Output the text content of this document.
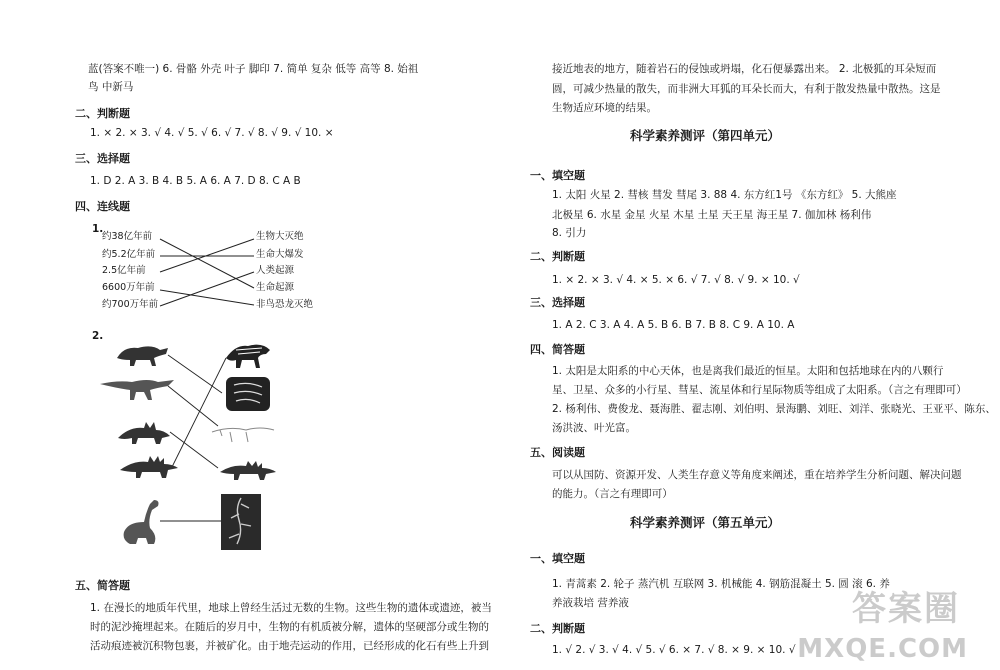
蓝(答案不唯一) 6. 骨骼 外壳 叶子 脚印 7. 简单 复杂 低等 高等 8. 始祖
鸟 中新马
二、判断题
1. × 2. × 3. √ 4. √ 5. √ 6. √ 7. √ 8. √ 9. √ 10. ×
三、选择题
1. D 2. A 3. B 4. B 5. A 6. A 7. D 8. C A B
四、连线题
1.
约38亿年前
约5.2亿年前
2.5亿年前
6600万年前
约700万年前
生物大灭绝
生命大爆发
人类起源
生命起源
非鸟恐龙灭绝
2.
五、简答题
1. 在漫长的地质年代里，地球上曾经生活过无数的生物。这些生物的遗体或遗迹，被当
时的泥沙掩埋起来。在随后的岁月中，生物的有机质被分解，遗体的坚硬部分或生物的
活动痕迹被沉积物包裹，并被矿化。由于地壳运动的作用，已经形成的化石有些上升到
接近地表的地方，随着岩石的侵蚀或坍塌，化石便暴露出来。 2. 北极狐的耳朵短而
圆，可减少热量的散失，而非洲大耳狐的耳朵长而大，有利于散发热量中散热。这是
生物适应环境的结果。
科学素养测评（第四单元）
一、填空题
1. 太阳 火星 2. 彗核 彗发 彗尾 3. 88 4. 东方红1号 《东方红》 5. 大熊座
北极星 6. 水星 金星 火星 木星 土星 天王星 海王星 7. 伽加林 杨利伟
8. 引力
二、判断题
1. × 2. × 3. √ 4. × 5. × 6. √ 7. √ 8. √ 9. × 10. √
三、选择题
1. A 2. C 3. A 4. A 5. B 6. B 7. B 8. C 9. A 10. A
四、简答题
1. 太阳是太阳系的中心天体，也是离我们最近的恒星。太阳和包括地球在内的八颗行
星、卫星、众多的小行星、彗星、流星体和行星际物质等组成了太阳系。（言之有理即可）
2. 杨利伟、费俊龙、聂海胜、翟志刚、刘伯明、景海鹏、刘旺、刘洋、张晓光、王亚平、陈东、
汤洪波、叶光富。
五、阅读题
可以从国防、资源开发、人类生存意义等角度来阐述，重在培养学生分析问题、解决问题
的能力。（言之有理即可）
科学素养测评（第五单元）
一、填空题
1. 青蒿素 2. 轮子 蒸汽机 互联网 3. 机械能 4. 钢筋混凝土 5. 圆 滚 6. 养
养液栽培 营养液
二、判断题
1. √ 2. √ 3. √ 4. √ 5. √ 6. × 7. √ 8. × 9. × 10. √
答案圈
MXQE.COM
